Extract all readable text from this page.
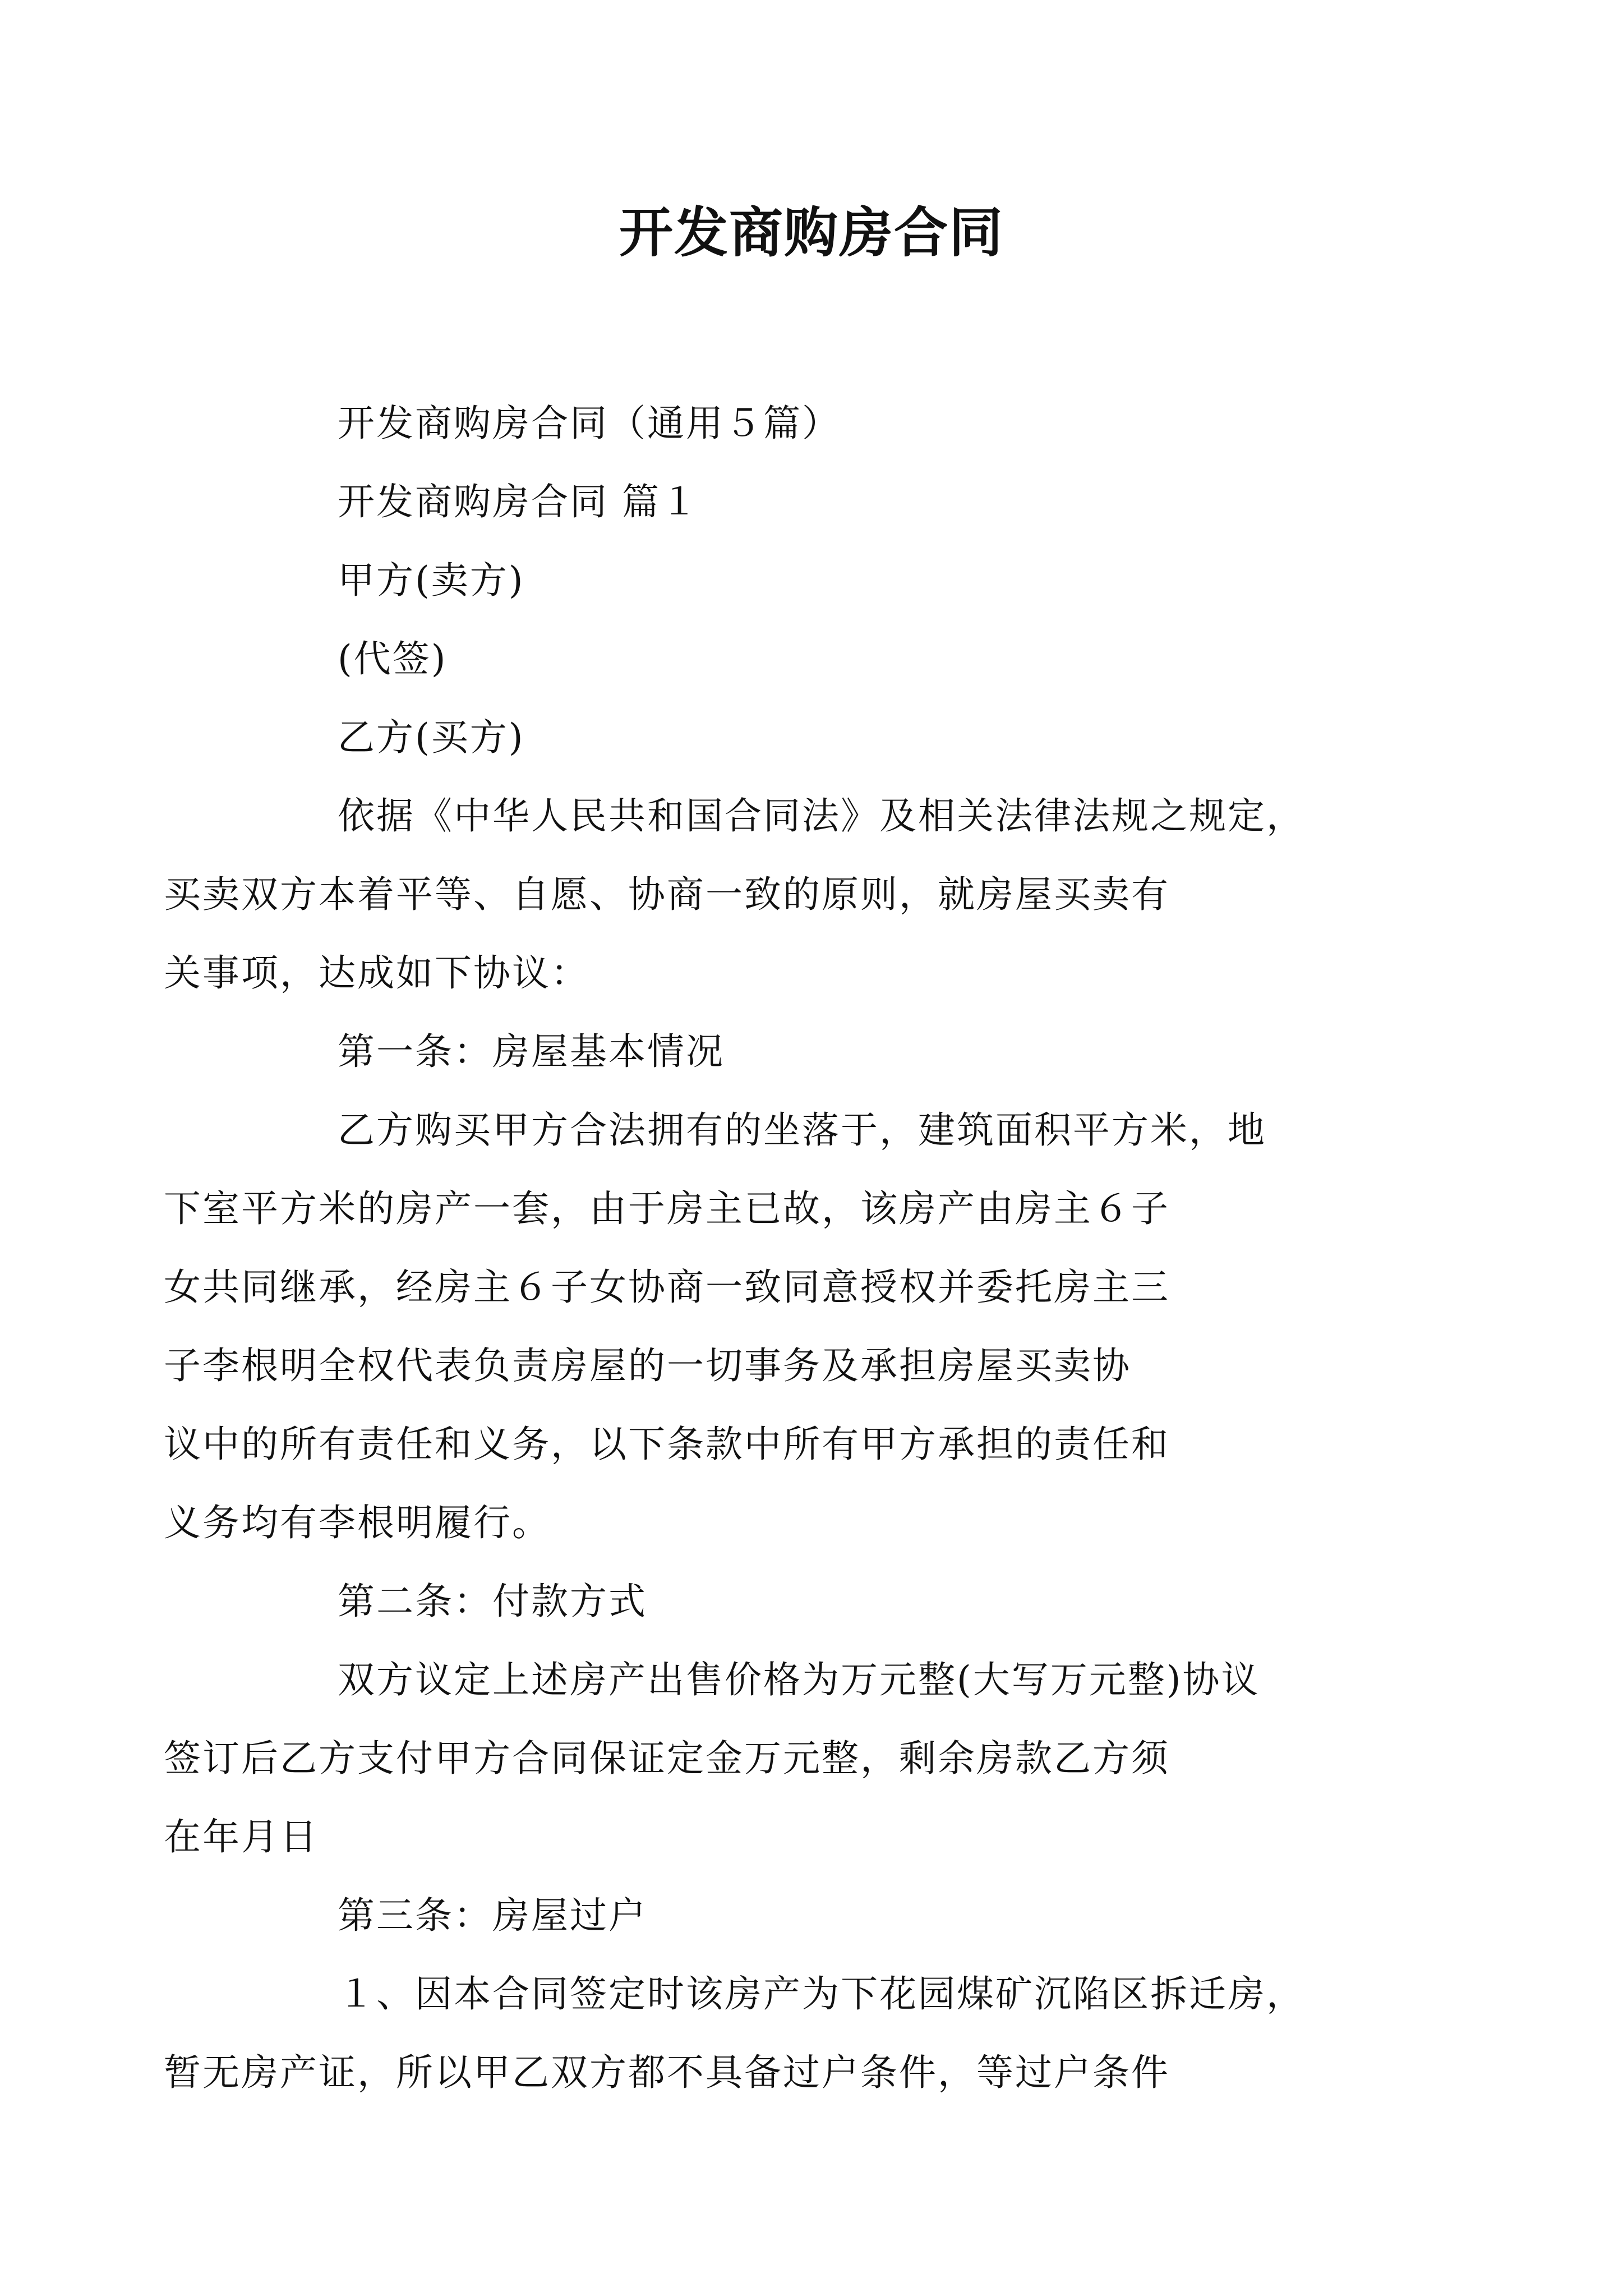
开发商购房合同

开发商购房合同（通用５篇）

开发商购房合同 篇１

甲方(卖方)

(代签)

乙方(买方)

依据《中华人民共和国合同法》及相关法律法规之规定，
买卖双方本着平等、自愿、协商一致的原则，就房屋买卖有
关事项，达成如下协议：

第一条：房屋基本情况

乙方购买甲方合法拥有的坐落于，建筑面积平方米，地
下室平方米的房产一套，由于房主已故，该房产由房主６子
女共同继承，经房主６子女协商一致同意授权并委托房主三
子李根明全权代表负责房屋的一切事务及承担房屋买卖协
议中的所有责任和义务，以下条款中所有甲方承担的责任和
义务均有李根明履行。

第二条：付款方式

双方议定上述房产出售价格为万元整(大写万元整)协议
签订后乙方支付甲方合同保证定金万元整，剩余房款乙方须
在年月日

第三条：房屋过户

１、因本合同签定时该房产为下花园煤矿沉陷区拆迁房，
暂无房产证，所以甲乙双方都不具备过户条件，等过户条件
